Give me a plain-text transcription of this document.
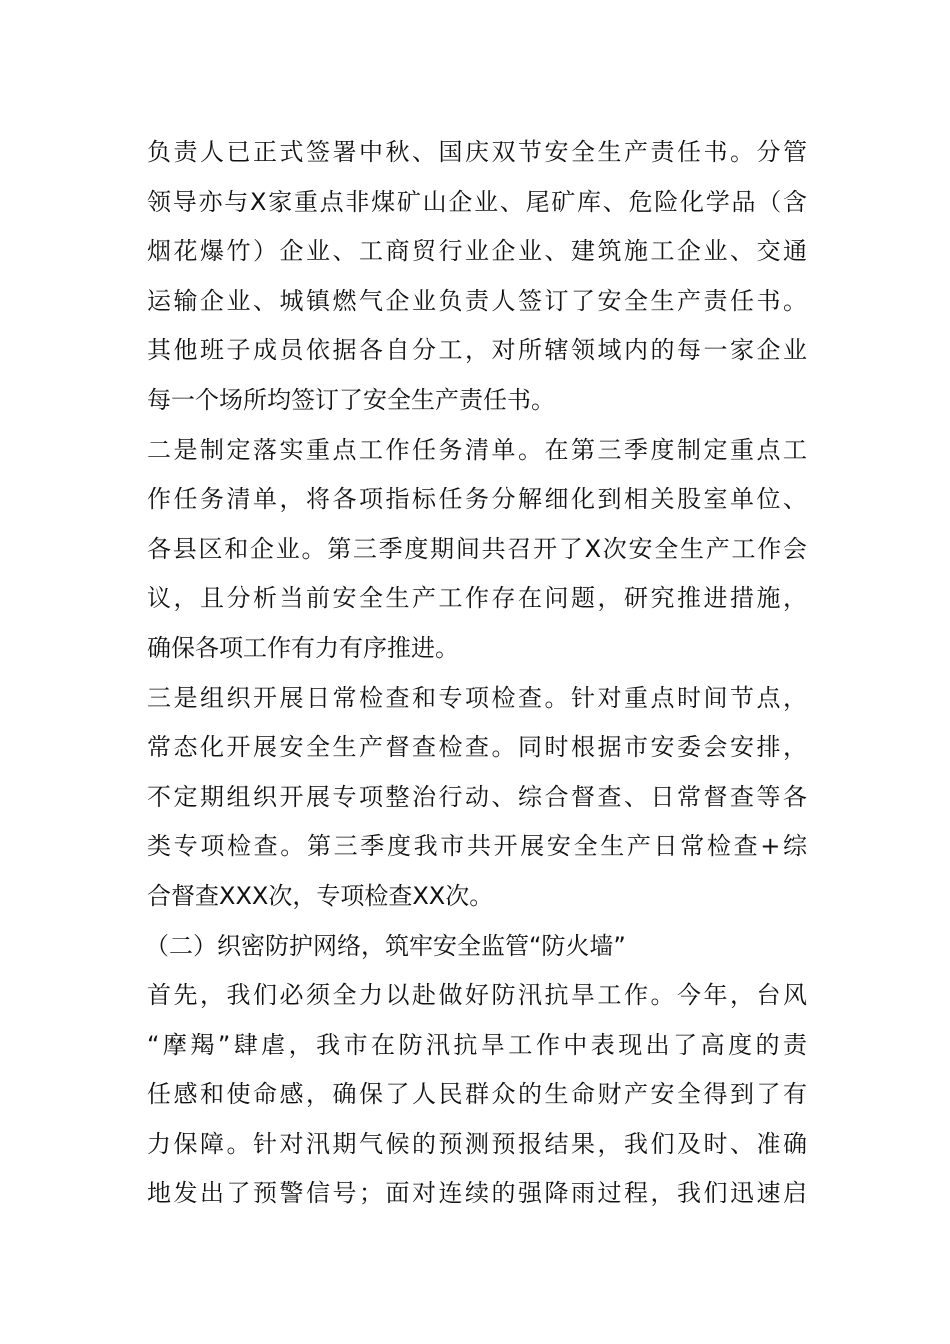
负责人已正式签署中秋、国庆双节安全生产责任书。分管
领导亦与X家重点非煤矿山企业、尾矿库、危险化学品（含
烟花爆竹）企业、工商贸行业企业、建筑施工企业、交通
运输企业、城镇燃气企业负责人签订了安全生产责任书。
其他班子成员依据各自分工，对所辖领域内的每一家企业
每一个场所均签订了安全生产责任书。
二是制定落实重点工作任务清单。在第三季度制定重点工
作任务清单，将各项指标任务分解细化到相关股室单位、
各县区和企业。第三季度期间共召开了X次安全生产工作会
议，且分析当前安全生产工作存在问题，研究推进措施，
确保各项工作有力有序推进。
三是组织开展日常检查和专项检查。针对重点时间节点，
常态化开展安全生产督查检查。同时根据市安委会安排，
不定期组织开展专项整治行动、综合督查、日常督查等各
类专项检查。第三季度我市共开展安全生产日常检查+综
合督查XXX次，专项检查XX次。
（二）织密防护网络，筑牢安全监管“防火墙”
首先，我们必须全力以赴做好防汛抗旱工作。今年，台风
“摩羯”肆虐，我市在防汛抗旱工作中表现出了高度的责
任感和使命感，确保了人民群众的生命财产安全得到了有
力保障。针对汛期气候的预测预报结果，我们及时、准确
地发出了预警信号；面对连续的强降雨过程，我们迅速启
